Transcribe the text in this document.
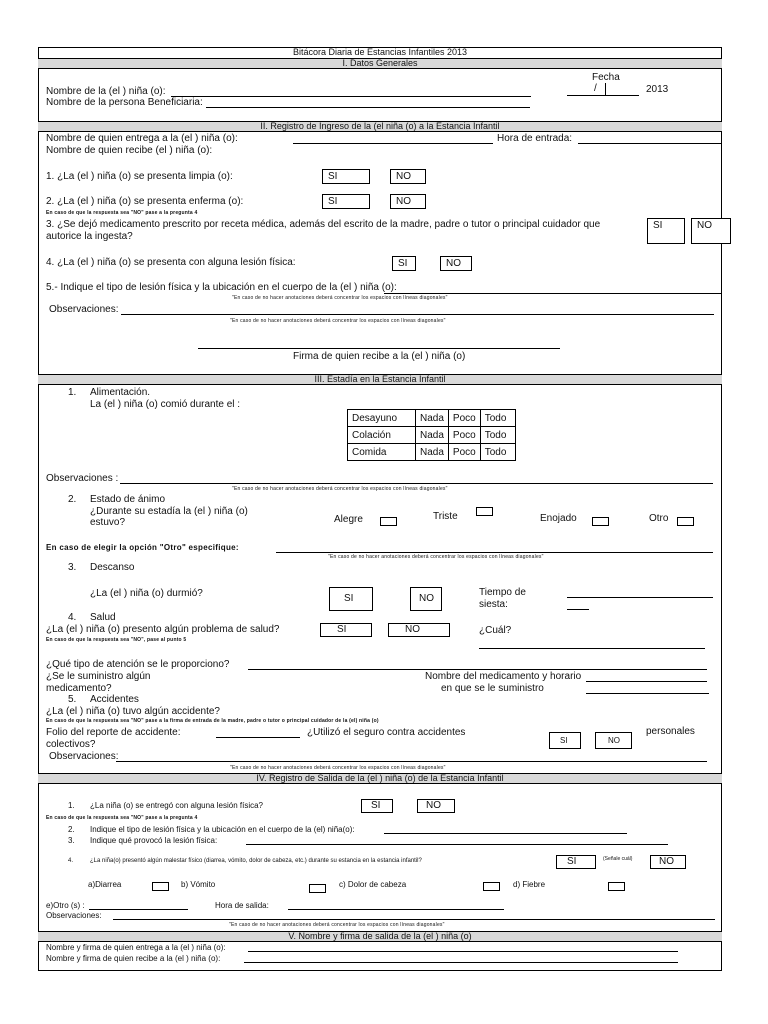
Bitácora Diaria de Estancias Infantiles 2013
I. Datos Generales
Nombre de la (el ) niña (o):
Nombre de la persona Beneficiaria:
Fecha
/	2013
II. Registro de Ingreso de la (el niña (o) a la Estancia Infantil
Nombre de quien entrega a la (el ) niña (o):	Hora de entrada:
Nombre de quien recibe (el ) niña (o):
1. ¿La (el ) niña (o) se presenta limpia (o):	SI	NO
2. ¿La (el ) niña (o) se presenta enferma (o):	SI	NO
En caso de que la respuesta sea "NO" pase a la pregunta 4
3. ¿Se dejó medicamento prescrito por receta médica, además del escrito de la madre, padre o tutor o principal cuidador que
autorice la ingesta?
SI	NO
4. ¿La (el ) niña (o) se presenta con alguna lesión física:	SI	NO
5.- Indique el tipo de lesión física y la ubicación en el cuerpo de la (el ) niña (o):
"En caso de no hacer anotaciones deberá concentrar los espacios con líneas diagonales"
Observaciones:
"En caso de no hacer anotaciones deberá concentrar los espacios con líneas diagonales"
Firma de quien recibe a la (el ) niña (o)
III. Estadía en la Estancia Infantil
1. Alimentación.
La (el ) niña (o) comió durante el :
Desayuno	Nada	Poco	Todo
Colación	Nada	Poco	Todo
Comida	Nada	Poco	Todo
Observaciones :
"En caso de no hacer anotaciones deberá concentrar los espacios con líneas diagonales"
2. Estado de ánimo
¿Durante su estadía la (el ) niña (o)
estuvo?	Alegre	Triste	Enojado	Otro
En caso de elegir la opción "Otro" especifique:
"En caso de no hacer anotaciones deberá concentrar los espacios con líneas diagonales"
3. Descanso
¿La (el ) niña (o) durmió?	SI	NO
Tiempo de
siesta:
4. Salud
¿La (el ) niña (o) presento algún problema de salud?	SI	NO
En caso de que la respuesta sea "NO", pase al punto 5
¿Cuál?
¿Qué tipo de atención se le proporciono?
¿Se le suministro algún
medicamento?
Nombre del medicamento y horario
en que se le suministro
5. Accidentes
¿La (el ) niña (o) tuvo algún accidente?
En caso de que la respuesta sea "NO" pase a la firma de entrada de la madre, padre o tutor o principal cuidador de la (el) niña (o)
Folio del reporte de accidente:	¿Utilizó el seguro contra accidentes
SI	NO
personales
colectivos?
Observaciones:
"En caso de no hacer anotaciones deberá concentrar los espacios con líneas diagonales"
IV. Registro de Salida de la (el ) niña (o) de la Estancia Infantil
1. ¿La niña (o) se entregó con alguna lesión física?	SI	NO
En caso de que la respuesta sea "NO" pase a la pregunta 4
2. Indique el tipo de lesión física y la ubicación en el cuerpo de la (el) niña(o):
3. Indique qué provocó la lesión física:
4.	¿La niña(o) presentó algún malestar físico (diarrea, vómito, dolor de cabeza, etc.) durante su estancia en la estancia infantil?	SI	(Señale cuál)	NO
a)Diarrea	b) Vómito	c) Dolor de cabeza	d) Fiebre
e)Otro (s) :	Hora de salida:
Observaciones:
"En caso de no hacer anotaciones deberá concentrar los espacios con líneas diagonales"
V. Nombre y firma de salida de la (el ) niña (o)
Nombre y firma de quien entrega a la (el ) niña (o):
Nombre y firma de quien recibe a la (el ) niña (o):
